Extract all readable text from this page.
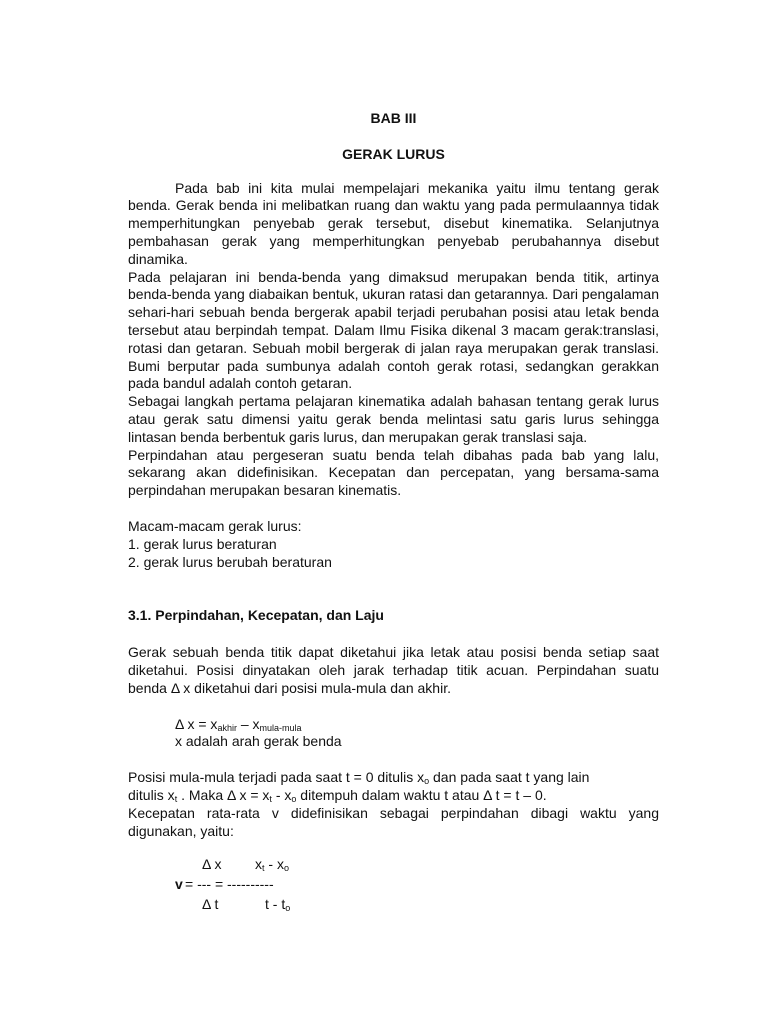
BAB III
GERAK LURUS

Pada bab ini kita mulai mempelajari mekanika yaitu ilmu tentang gerak benda. Gerak benda ini melibatkan ruang dan waktu yang pada permulaannya tidak memperhitungkan penyebab gerak tersebut, disebut kinematika. Selanjutnya pembahasan gerak yang memperhitungkan penyebab perubahannya disebut dinamika.

Pada pelajaran ini benda-benda yang dimaksud merupakan benda titik, artinya benda-benda yang diabaikan bentuk, ukuran ratasi dan getarannya. Dari pengalaman sehari-hari sebuah benda bergerak apabil terjadi perubahan posisi atau letak benda tersebut atau berpindah tempat. Dalam Ilmu Fisika dikenal 3 macam gerak:translasi, rotasi dan getaran. Sebuah mobil bergerak di jalan raya merupakan gerak translasi. Bumi berputar pada sumbunya adalah contoh gerak rotasi, sedangkan gerakkan pada bandul adalah contoh getaran.

Sebagai langkah pertama pelajaran kinematika adalah bahasan tentang gerak lurus atau gerak satu dimensi yaitu gerak benda melintasi satu garis lurus sehingga lintasan benda berbentuk garis lurus, dan merupakan gerak translasi saja.

Perpindahan atau pergeseran suatu benda telah dibahas pada bab yang lalu, sekarang akan didefinisikan. Kecepatan dan percepatan, yang bersama-sama perpindahan merupakan besaran kinematis.

Macam-macam gerak lurus:

1. gerak lurus beraturan

2. gerak lurus berubah beraturan

3.1. Perpindahan, Kecepatan, dan Laju

Gerak sebuah benda titik dapat diketahui jika letak atau posisi benda setiap saat diketahui. Posisi dinyatakan oleh jarak terhadap titik acuan. Perpindahan suatu benda Δ x diketahui dari posisi mula-mula dan akhir.

Δ $x = x_{akhir} - x_{mula-mula}$
x adalah arah gerak benda

Posisi mula-mula terjadi pada saat t = 0 ditulis $x_o$ dan pada saat t yang lain
ditulis $x_t$ . Maka Δ $x = x_t - x_o$ ditempuh dalam waktu t atau Δ t = t – 0.

Kecepatan rata-rata v didefinisikan sebagai perpindahan dibagi waktu yang digunakan, yaitu:

Δ x $x_t - x_o$
v = --- = ----------
Δ t	t - $t_o$
